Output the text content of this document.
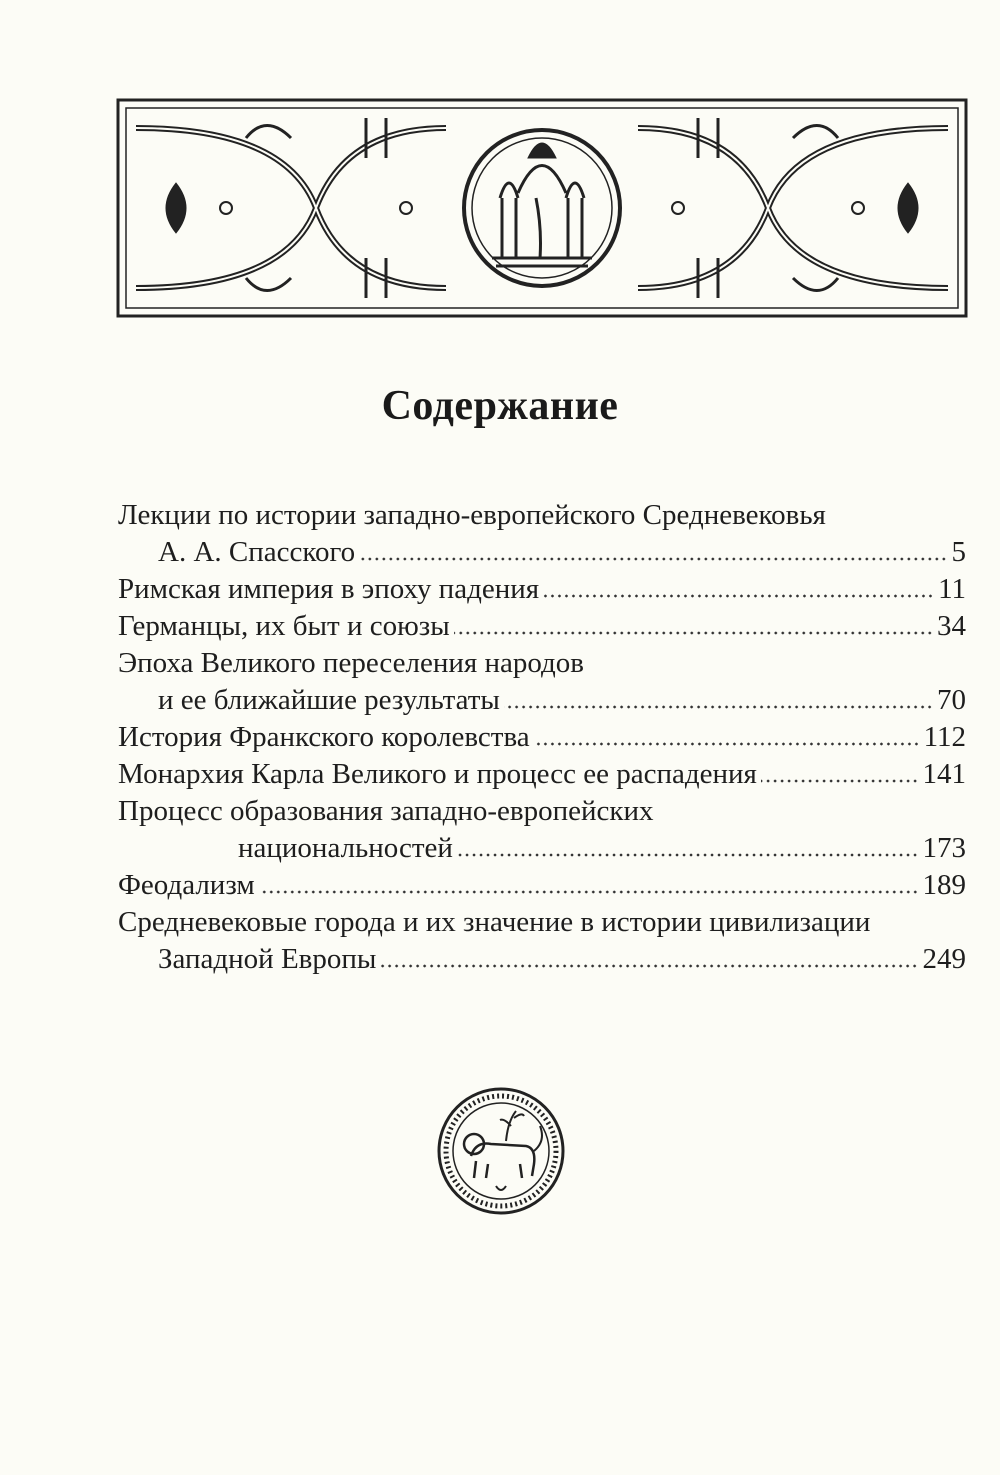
Содержание
Лекции по истории западно-европейского Средневековья
А. А. Спасского	5
Римская империя в эпоху падения	11
Германцы, их быт и союзы	34
Эпоха Великого переселения народов
и ее ближайшие результаты	70
История Франкского королевства	112
Монархия Карла Великого и процесс ее распадения	141
Процесс образования западно-европейских
национальностей	173
Феодализм	189
Средневековые города и их значение в истории цивилизации
Западной Европы	249
